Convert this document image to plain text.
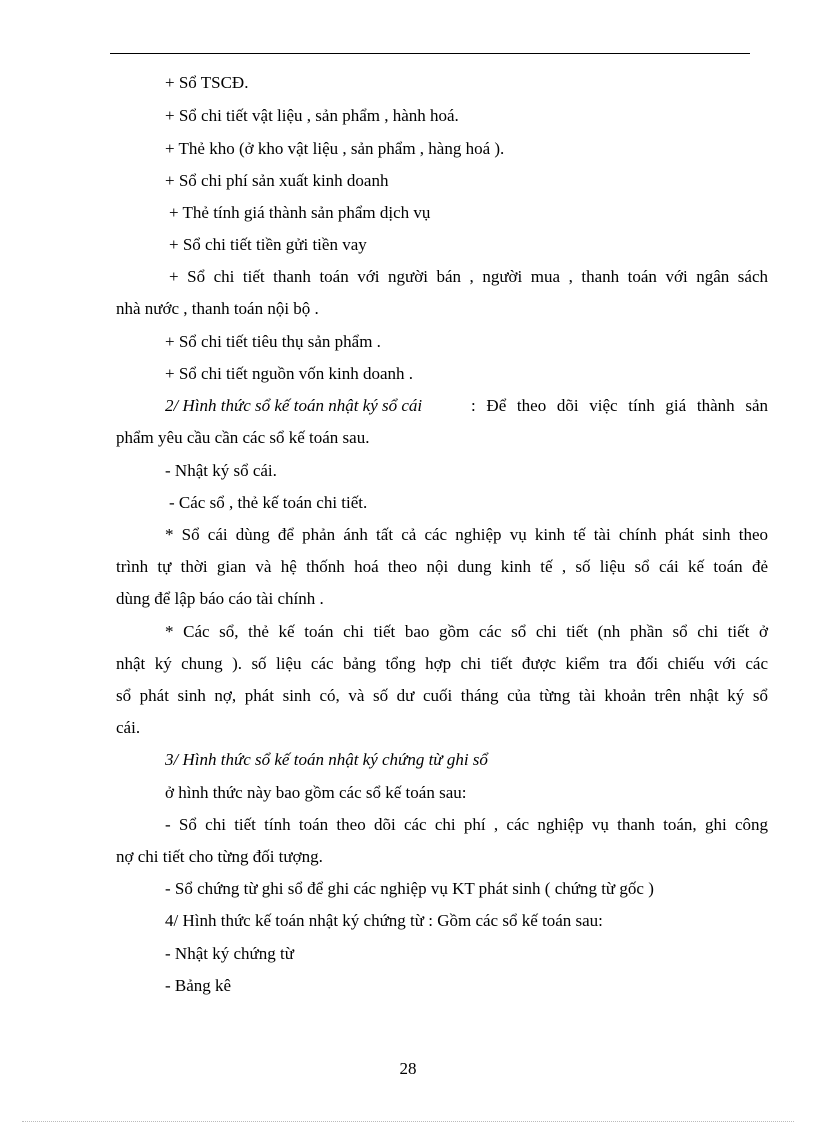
+ Sổ TSCĐ.
+ Sổ chi tiết vật liệu , sản phẩm , hành hoá.
+ Thẻ kho (ở kho vật liệu , sản phẩm , hàng hoá ).
+ Sổ chi phí sản xuất kinh doanh
+ Thẻ tính giá thành sản phẩm dịch vụ
+ Sổ chi tiết tiền gửi tiền vay
+ Sổ chi tiết thanh toán với người bán , người mua , thanh toán với ngân sách
nhà nước , thanh toán nội bộ .
+ Sổ chi tiết tiêu thụ sản phẩm .
+ Sổ chi tiết nguồn vốn kinh doanh .
2/ Hình thức sổ kế toán nhật ký sổ cái	: Để theo dõi việc tính giá thành sản
phẩm yêu cầu cần các sổ kế toán sau.
- Nhật ký sổ cái.
- Các sổ , thẻ kế toán chi tiết.
* Sổ cái dùng để phản ánh tất cả các nghiệp vụ kinh tế tài chính phát sinh theo
trình tự thời gian và hệ thốnh hoá theo nội dung kinh tế , số liệu sổ cái kế toán đẻ
dùng để lập báo cáo tài chính .
* Các sổ, thẻ kế toán chi tiết bao gồm các sổ chi tiết (nh phần sổ chi tiết ở
nhật ký chung ). số liệu các bảng tổng hợp chi tiết được kiểm tra đối chiếu với các
sổ phát sinh nợ, phát sinh có, và số dư cuối tháng của từng tài khoản trên nhật ký sổ
cái.
3/ Hình thức sổ kế toán nhật ký chứng từ ghi sổ
ở hình thức này bao gồm các sổ kế toán sau:
- Sổ chi tiết tính toán theo dõi các chi phí , các nghiệp vụ thanh toán, ghi công
nợ chi tiết cho từng đối tượng.
- Sổ chứng từ ghi sổ để ghi các nghiệp vụ KT phát sinh ( chứng từ gốc )
4/ Hình thức kế toán nhật ký chứng từ : Gồm các sổ kế toán sau:
- Nhật ký chứng từ
- Bảng kê
28
